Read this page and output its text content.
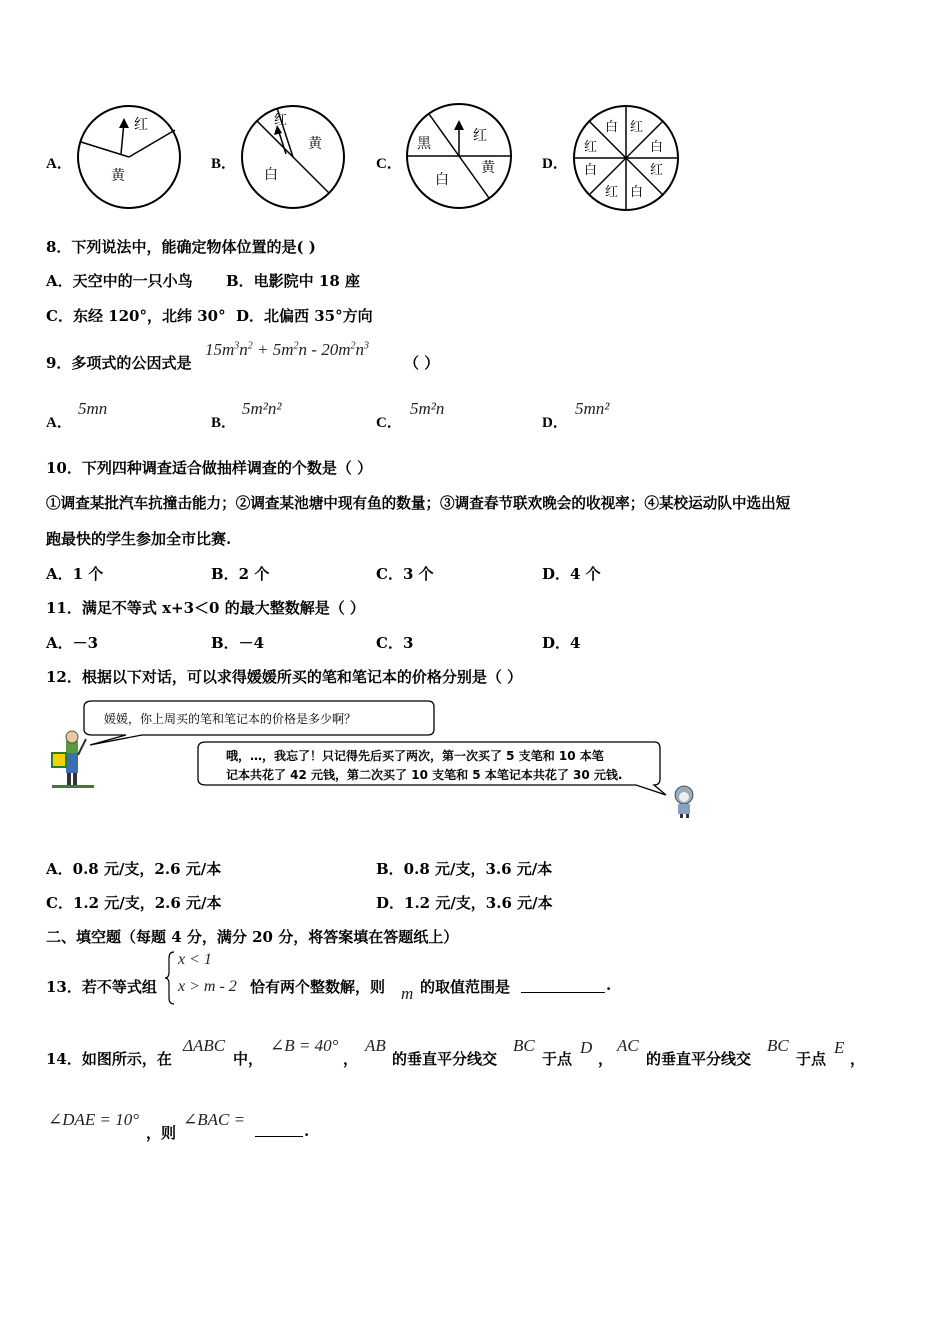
A．
红
黄
B．
红
黄
白
C．
黑	红
黄
白
D．
白 红
白
红
白
红
白
红
8．下列说法中，能确定物体位置的是( )
A．天空中的一只小鸟 B．电影院中 18 座
C．东经 120°，北纬 30° D．北偏西 35°方向
9．多项式的公因式是
$15m^3n^2 + 5m^2n - 20m^2n^3$
（ ）
A．
5mn
B．
5m²n²
C．
5m²n
D．
5mn²
10．下列四种调查适合做抽样调查的个数是（ ）
①调查某批汽车抗撞击能力；②调查某池塘中现有鱼的数量；③调查春节联欢晚会的收视率；④某校运动队中选出短
跑最快的学生参加全市比赛.
A．1 个	B．2 个	C．3 个	D．4 个
11．满足不等式 x+3＜0 的最大整数解是（ ）
A．－3	B．－4	C．3	D．4
12．根据以下对话，可以求得媛媛所买的笔和笔记本的价格分别是（ ）
媛媛，你上周买的笔和笔记本的价格是多少啊？
哦，…，我忘了！只记得先后买了两次，第一次买了 5 支笔和 10 本笔
记本共花了 42 元钱，第二次买了 10 支笔和 5 本笔记本共花了 30 元钱.
A．0.8 元/支，2.6 元/本	B．0.8 元/支，3.6 元/本
C．1.2 元/支，2.6 元/本	D．1.2 元/支，3.6 元/本
二、填空题（每题 4 分，满分 20 分，将答案填在答题纸上）
13．若不等式组
x < 1
x > m - 2 恰有两个整数解，则 m 的取值范围是	.
14．如图所示，在
ΔABC
中，
∠B = 40°
，
AB
的垂直平分线交
BC
于点
D
，
AC
的垂直平分线交
BC
于点
E
，
∠DAE = 10°
，则
∠BAC =
.
